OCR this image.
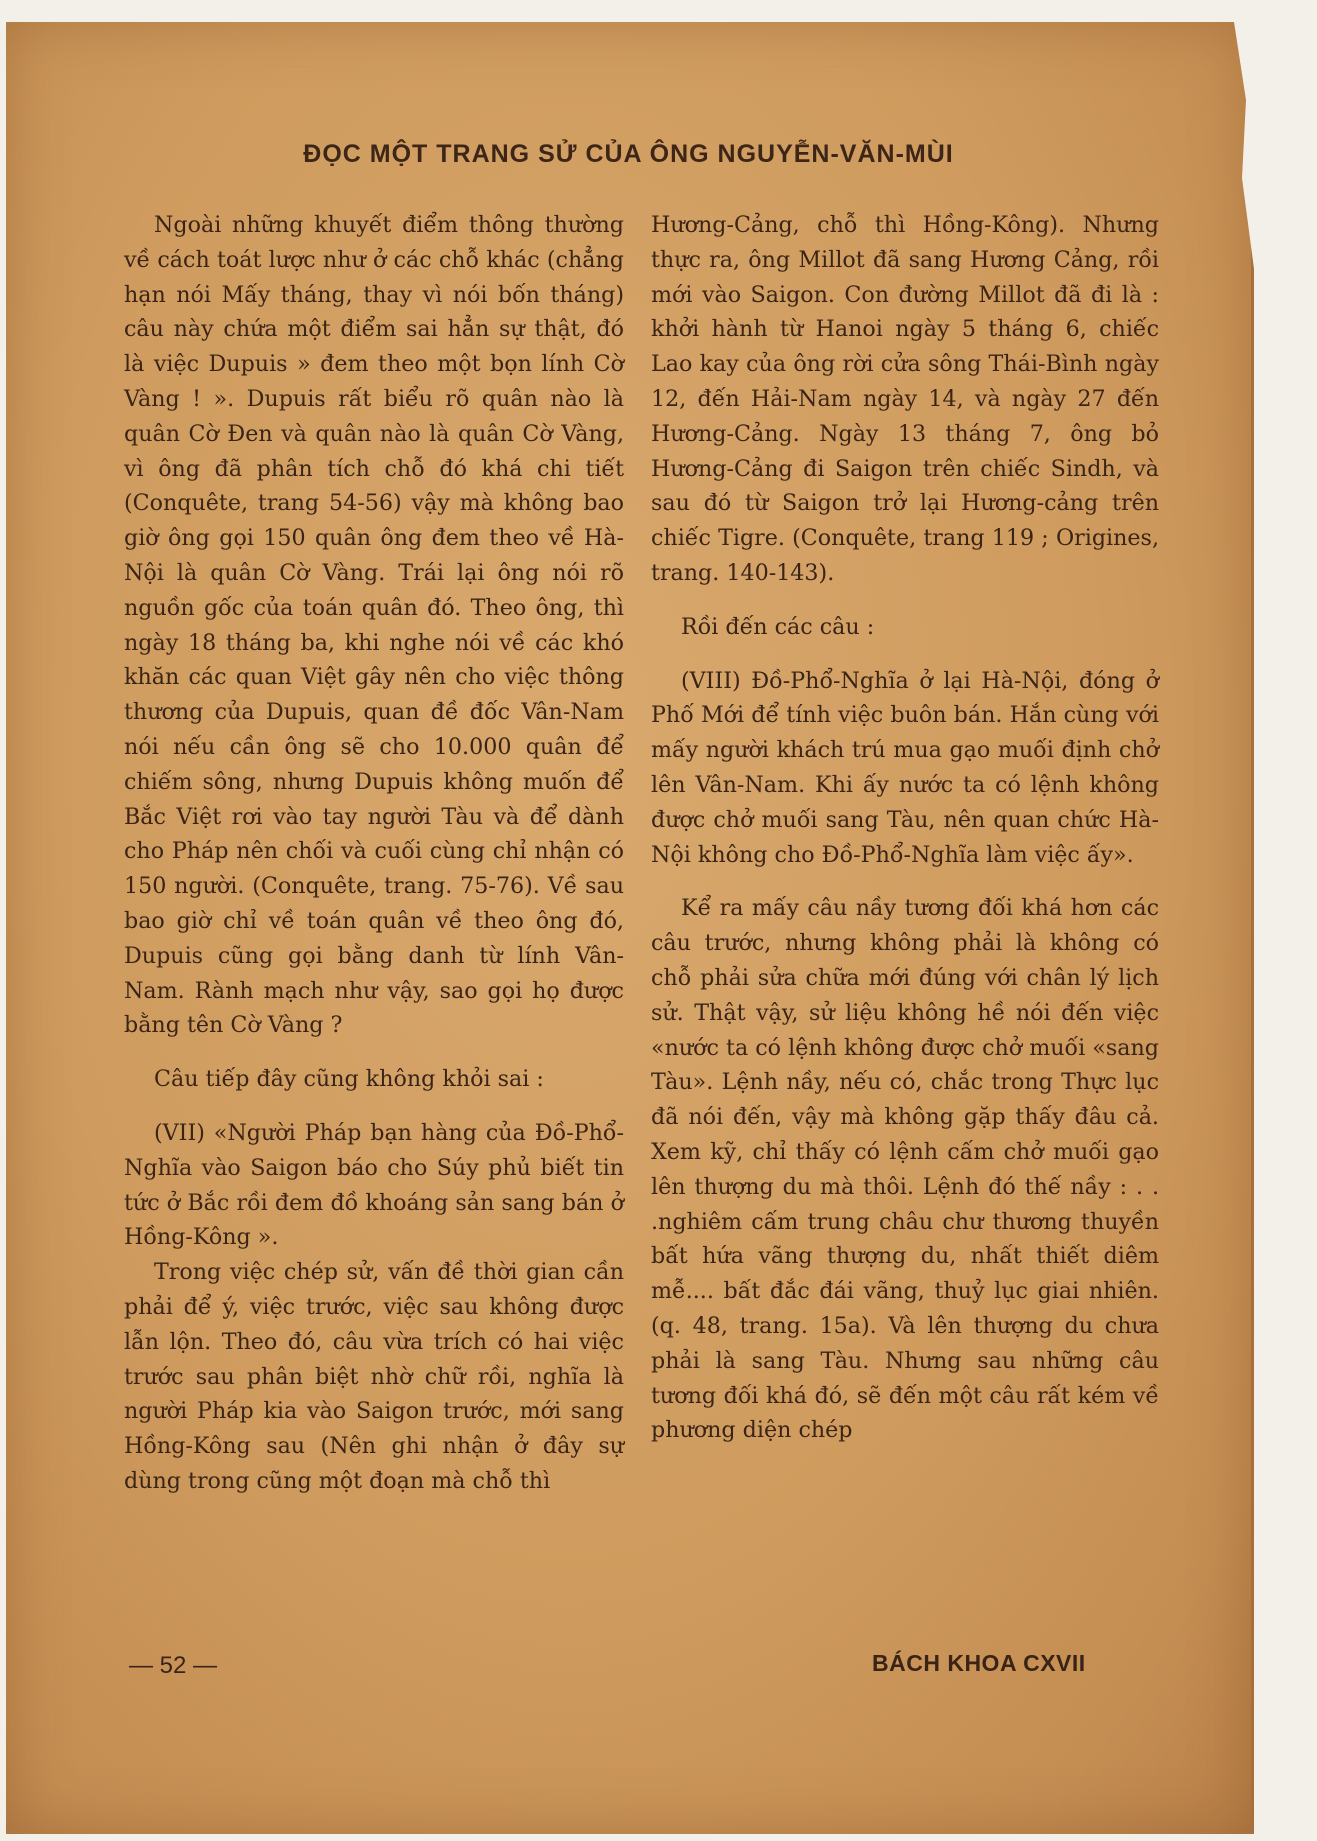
ĐỌC MỘT TRANG SỬ CỦA ÔNG NGUYỄN-VĂN-MÙI

Ngoài những khuyết điểm thông thường về cách toát lược như ở các chỗ khác (chẳng hạn nói Mấy tháng, thay vì nói bốn tháng) câu này chứa một điểm sai hẳn sự thật, đó là việc Dupuis » đem theo một bọn lính Cờ Vàng ! ». Dupuis rất biểu rõ quân nào là quân Cờ Đen và quân nào là quân Cờ Vàng, vì ông đã phân tích chỗ đó khá chi tiết (Conquête, trang 54-56) vậy mà không bao giờ ông gọi 150 quân ông đem theo về Hà-Nội là quân Cờ Vàng. Trái lại ông nói rõ nguồn gốc của toán quân đó. Theo ông, thì ngày 18 tháng ba, khi nghe nói về các khó khăn các quan Việt gây nên cho việc thông thương của Dupuis, quan đề đốc Vân-Nam nói nếu cần ông sẽ cho 10.000 quân để chiếm sông, nhưng Dupuis không muốn để Bắc Việt rơi vào tay người Tàu và để dành cho Pháp nên chối và cuối cùng chỉ nhận có 150 người. (Conquête, trang. 75-76). Về sau bao giờ chỉ về toán quân về theo ông đó, Dupuis cũng gọi bằng danh từ lính Vân-Nam. Rành mạch như vậy, sao gọi họ được bằng tên Cờ Vàng ?

Câu tiếp đây cũng không khỏi sai :

(VII) «Người Pháp bạn hàng của Đồ-Phổ-Nghĩa vào Saigon báo cho Súy phủ biết tin tức ở Bắc rồi đem đồ khoáng sản sang bán ở Hồng-Kông ».

Trong việc chép sử, vấn đề thời gian cần phải để ý, việc trước, việc sau không được lẫn lộn. Theo đó, câu vừa trích có hai việc trước sau phân biệt nhờ chữ rồi, nghĩa là người Pháp kia vào Saigon trước, mới sang Hồng-Kông sau (Nên ghi nhận ở đây sự dùng trong cũng một đoạn mà chỗ thì

Hương-Cảng, chỗ thì Hồng-Kông). Nhưng thực ra, ông Millot đã sang Hương Cảng, rồi mới vào Saigon. Con đường Millot đã đi là : khởi hành từ Hanoi ngày 5 tháng 6, chiếc Lao kay của ông rời cửa sông Thái-Bình ngày 12, đến Hải-Nam ngày 14, và ngày 27 đến Hương-Cảng. Ngày 13 tháng 7, ông bỏ Hương-Cảng đi Saigon trên chiếc Sindh, và sau đó từ Saigon trở lại Hương-cảng trên chiếc Tigre. (Conquête, trang 119 ; Origines, trang. 140-143).

Rồi đến các câu :

(VIII) Đồ-Phổ-Nghĩa ở lại Hà-Nội, đóng ở Phố Mới để tính việc buôn bán. Hắn cùng với mấy người khách trú mua gạo muối định chở lên Vân-Nam. Khi ấy nước ta có lệnh không được chở muối sang Tàu, nên quan chức Hà-Nội không cho Đồ-Phổ-Nghĩa làm việc ấy».

Kể ra mấy câu nầy tương đối khá hơn các câu trước, nhưng không phải là không có chỗ phải sửa chữa mới đúng với chân lý lịch sử. Thật vậy, sử liệu không hề nói đến việc «nước ta có lệnh không được chở muối «sang Tàu». Lệnh nầy, nếu có, chắc trong Thực lục đã nói đến, vậy mà không gặp thấy đâu cả. Xem kỹ, chỉ thấy có lệnh cấm chở muối gạo lên thượng du mà thôi. Lệnh đó thế nầy : . . .nghiêm cấm trung châu chư thương thuyền bất hứa vãng thượng du, nhất thiết diêm mễ.... bất đắc đái vãng, thuỷ lục giai nhiên. (q. 48, trang. 15a). Và lên thượng du chưa phải là sang Tàu. Nhưng sau những câu tương đối khá đó, sẽ đến một câu rất kém về phương diện chép

— 52 —	BÁCH KHOA CXVII
